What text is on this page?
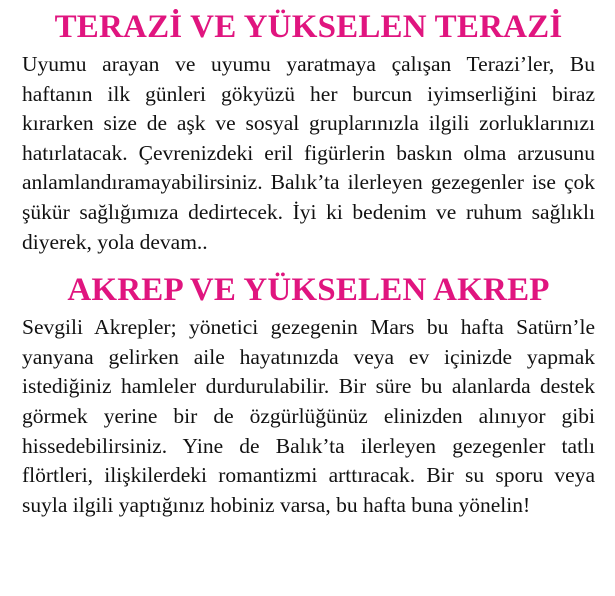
TERAZİ VE YÜKSELEN TERAZİ

Uyumu arayan ve uyumu yaratmaya çalışan Terazi’ler, Bu haftanın ilk günleri gökyüzü her burcun iyimserliğini biraz kırarken size de aşk ve sosyal gruplarınızla ilgili zorluklarınızı hatırlatacak. Çevrenizdeki eril figürlerin baskın olma arzusunu anlamlandıramayabilirsiniz. Balık’ta ilerleyen gezegenler ise çok şükür sağlığımıza dedirtecek. İyi ki bedenim ve ruhum sağlıklı diyerek, yola devam..

AKREP VE YÜKSELEN AKREP

Sevgili Akrepler; yönetici gezegenin Mars bu hafta Satürn’le yanyana gelirken aile hayatınızda veya ev içinizde yapmak istediğiniz hamleler durdurulabilir. Bir süre bu alanlarda destek görmek yerine bir de özgürlüğünüz elinizden alınıyor gibi hissedebilirsiniz. Yine de Balık’ta ilerleyen gezegenler tatlı flörtleri, ilişkilerdeki romantizmi arttıracak. Bir su sporu veya suyla ilgili yaptığınız hobiniz varsa, bu hafta buna yönelin!
